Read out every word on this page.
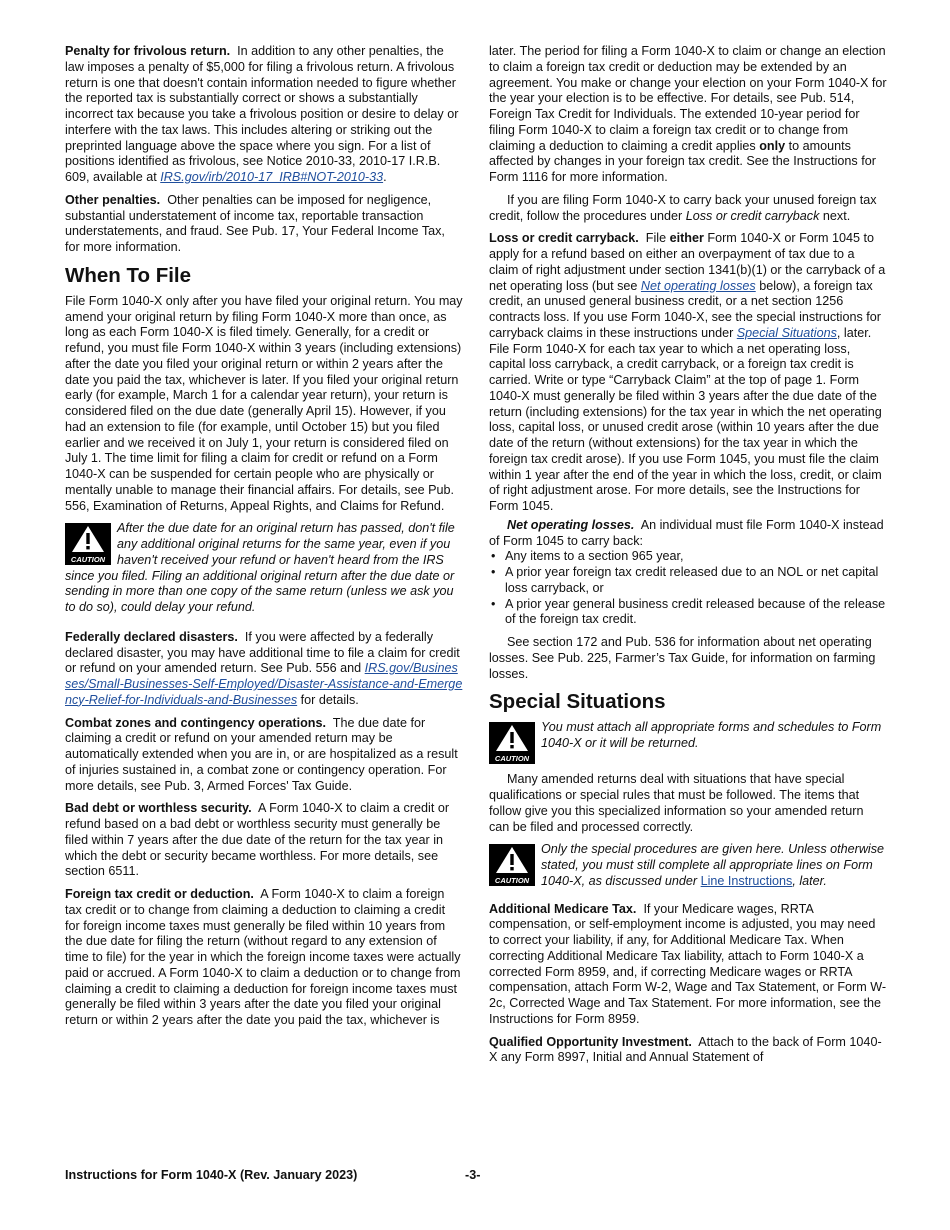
Penalty for frivolous return. In addition to any other penalties, the law imposes a penalty of $5,000 for filing a frivolous return. A frivolous return is one that doesn't contain information needed to figure whether the reported tax is substantially correct or shows a substantially incorrect tax because you take a frivolous position or desire to delay or interfere with the tax laws. This includes altering or striking out the preprinted language above the space where you sign. For a list of positions identified as frivolous, see Notice 2010-33, 2010-17 I.R.B. 609, available at IRS.gov/irb/2010-17_IRB#NOT-2010-33.

Other penalties. Other penalties can be imposed for negligence, substantial understatement of income tax, reportable transaction understatements, and fraud. See Pub. 17, Your Federal Income Tax, for more information.

When To File

File Form 1040-X only after you have filed your original return. You may amend your original return by filing Form 1040-X more than once, as long as each Form 1040-X is filed timely. Generally, for a credit or refund, you must file Form 1040-X within 3 years (including extensions) after the date you filed your original return or within 2 years after the date you paid the tax, whichever is later. If you filed your original return early (for example, March 1 for a calendar year return), your return is considered filed on the due date (generally April 15). However, if you had an extension to file (for example, until October 15) but you filed earlier and we received it on July 1, your return is considered filed on July 1. The time limit for filing a claim for credit or refund on a Form 1040-X can be suspended for certain people who are physically or mentally unable to manage their financial affairs. For details, see Pub. 556, Examination of Returns, Appeal Rights, and Claims for Refund.

CAUTION
After the due date for an original return has passed, don't file any additional original returns for the same year, even if you haven't received your refund or haven't heard from the IRS since you filed. Filing an additional original return after the due date or sending in more than one copy of the same return (unless we ask you to do so), could delay your refund.

Federally declared disasters. If you were affected by a federally declared disaster, you may have additional time to file a claim for credit or refund on your amended return. See Pub. 556 and IRS.gov/Businesses/Small-Businesses-Self-Employed/Disaster-Assistance-and-Emergency-Relief-for-Individuals-and-Businesses for details.

Combat zones and contingency operations. The due date for claiming a credit or refund on your amended return may be automatically extended when you are in, or are hospitalized as a result of injuries sustained in, a combat zone or contingency operation. For more details, see Pub. 3, Armed Forces' Tax Guide.

Bad debt or worthless security. A Form 1040-X to claim a credit or refund based on a bad debt or worthless security must generally be filed within 7 years after the due date of the return for the tax year in which the debt or security became worthless. For more details, see section 6511.

Foreign tax credit or deduction. A Form 1040-X to claim a foreign tax credit or to change from claiming a deduction to claiming a credit for foreign income taxes must generally be filed within 10 years from the due date for filing the return (without regard to any extension of time to file) for the year in which the foreign income taxes were actually paid or accrued. A Form 1040-X to claim a deduction or to change from claiming a credit to claiming a deduction for foreign income taxes must generally be filed within 3 years after the date you filed your original return or within 2 years after the date you paid the tax, whichever is

later. The period for filing a Form 1040-X to claim or change an election to claim a foreign tax credit or deduction may be extended by an agreement. You make or change your election on your Form 1040-X for the year your election is to be effective. For details, see Pub. 514, Foreign Tax Credit for Individuals. The extended 10-year period for filing Form 1040-X to claim a foreign tax credit or to change from claiming a deduction to claiming a credit applies only to amounts affected by changes in your foreign tax credit. See the Instructions for Form 1116 for more information.

If you are filing Form 1040-X to carry back your unused foreign tax credit, follow the procedures under Loss or credit carryback next.

Loss or credit carryback. File either Form 1040-X or Form 1045 to apply for a refund based on either an overpayment of tax due to a claim of right adjustment under section 1341(b)(1) or the carryback of a net operating loss (but see Net operating losses below), a foreign tax credit, an unused general business credit, or a net section 1256 contracts loss. If you use Form 1040-X, see the special instructions for carryback claims in these instructions under Special Situations, later. File Form 1040-X for each tax year to which a net operating loss, capital loss carryback, a credit carryback, or a foreign tax credit is carried. Write or type “Carryback Claim” at the top of page 1. Form 1040-X must generally be filed within 3 years after the due date of the return (including extensions) for the tax year in which the net operating loss, capital loss, or unused credit arose (within 10 years after the due date of the return (without extensions) for the tax year in which the foreign tax credit arose). If you use Form 1045, you must file the claim within 1 year after the end of the year in which the loss, credit, or claim of right adjustment arose. For more details, see the Instructions for Form 1045.

Net operating losses. An individual must file Form 1040-X instead of Form 1045 to carry back:

• Any items to a section 965 year,
• A prior year foreign tax credit released due to an NOL or net capital loss carryback, or
• A prior year general business credit released because of the release of the foreign tax credit.

See section 172 and Pub. 536 for information about net operating losses. See Pub. 225, Farmer’s Tax Guide, for information on farming losses.

Special Situations
CAUTION
You must attach all appropriate forms and schedules to Form 1040-X or it will be returned.

Many amended returns deal with situations that have special qualifications or special rules that must be followed. The items that follow give you this specialized information so your amended return can be filed and processed correctly.

CAUTION
Only the special procedures are given here. Unless otherwise stated, you must still complete all appropriate lines on Form 1040-X, as discussed under Line Instructions, later.

Additional Medicare Tax. If your Medicare wages, RRTA compensation, or self-employment income is adjusted, you may need to correct your liability, if any, for Additional Medicare Tax. When correcting Additional Medicare Tax liability, attach to Form 1040-X a corrected Form 8959, and, if correcting Medicare wages or RRTA compensation, attach Form W-2, Wage and Tax Statement, or Form W-2c, Corrected Wage and Tax Statement. For more information, see the Instructions for Form 8959.

Qualified Opportunity Investment. Attach to the back of Form 1040-X any Form 8997, Initial and Annual Statement of

Instructions for Form 1040-X (Rev. January 2023)	-3-
